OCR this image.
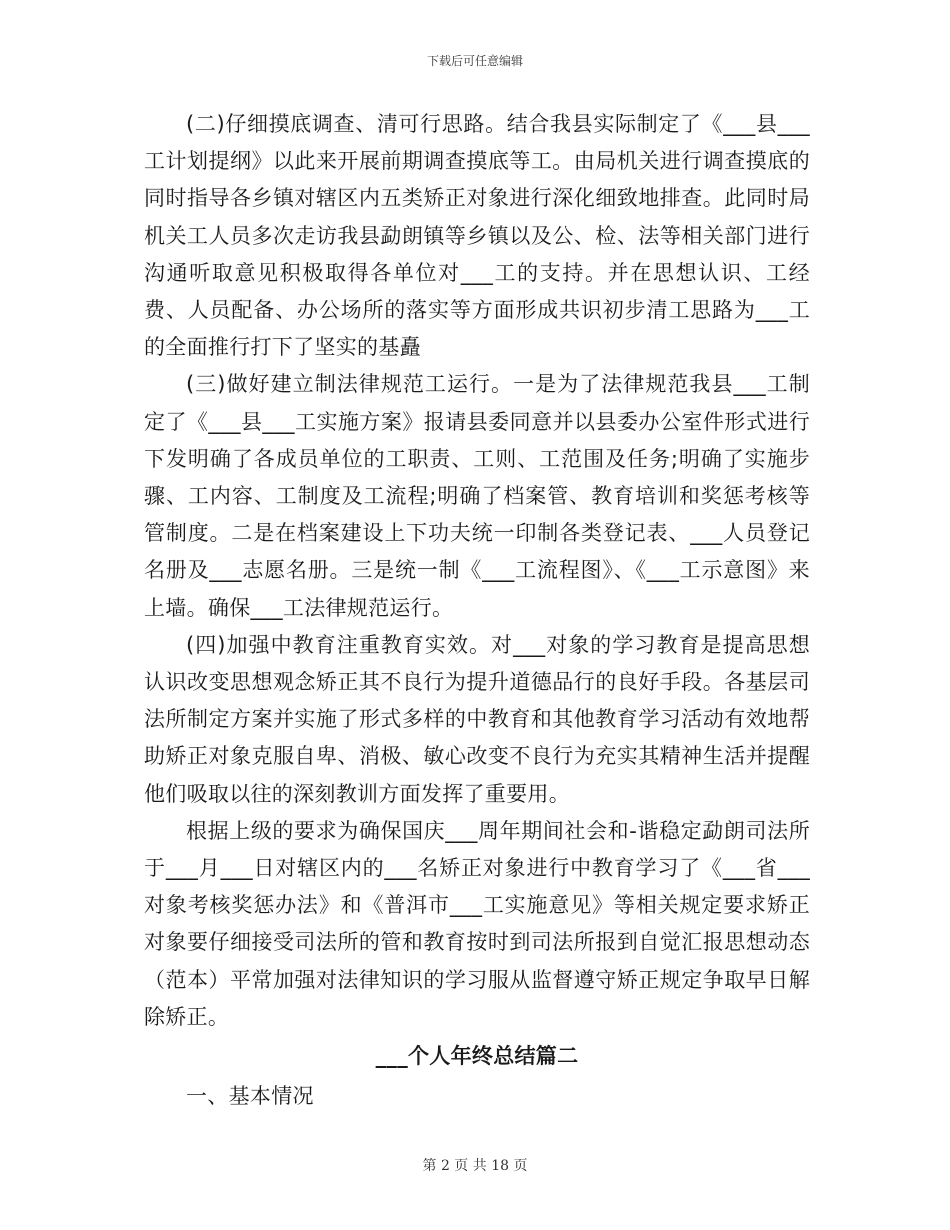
下载后可任意编辑

(二)仔细摸底调查、清可行思路。结合我县实际制定了《___县___工计划提纲》以此来开展前期调查摸底等工。由局机关进行调查摸底的同时指导各乡镇对辖区内五类矫正对象进行深化细致地排查。此同时局机关工人员多次走访我县勐朗镇等乡镇以及公、检、法等相关部门进行沟通听取意见积极取得各单位对___工的支持。并在思想认识、工经费、人员配备、办公场所的落实等方面形成共识初步清工思路为___工的全面推行打下了坚实的基矗

(三)做好建立制法律规范工运行。一是为了法律规范我县___工制定了《___县___工实施方案》报请县委同意并以县委办公室件形式进行下发明确了各成员单位的工职责、工则、工范围及任务;明确了实施步骤、工内容、工制度及工流程;明确了档案管、教育培训和奖惩考核等管制度。二是在档案建设上下功夫统一印制各类登记表、___人员登记名册及___志愿名册。三是统一制《___工流程图》、《___工示意图》来上墙。确保___工法律规范运行。

(四)加强中教育注重教育实效。对___对象的学习教育是提高思想认识改变思想观念矫正其不良行为提升道德品行的良好手段。各基层司法所制定方案并实施了形式多样的中教育和其他教育学习活动有效地帮助矫正对象克服自卑、消极、敏心改变不良行为充实其精神生活并提醒他们吸取以往的深刻教训方面发挥了重要用。

根据上级的要求为确保国庆___周年期间社会和-谐稳定勐朗司法所于___月___日对辖区内的___名矫正对象进行中教育学习了《___省___对象考核奖惩办法》和《普洱市___工实施意见》等相关规定要求矫正对象要仔细接受司法所的管和教育按时到司法所报到自觉汇报思想动态（范本）平常加强对法律知识的学习服从监督遵守矫正规定争取早日解除矫正。

___个人年终总结篇二

一、基本情况

第 2 页 共 18 页
